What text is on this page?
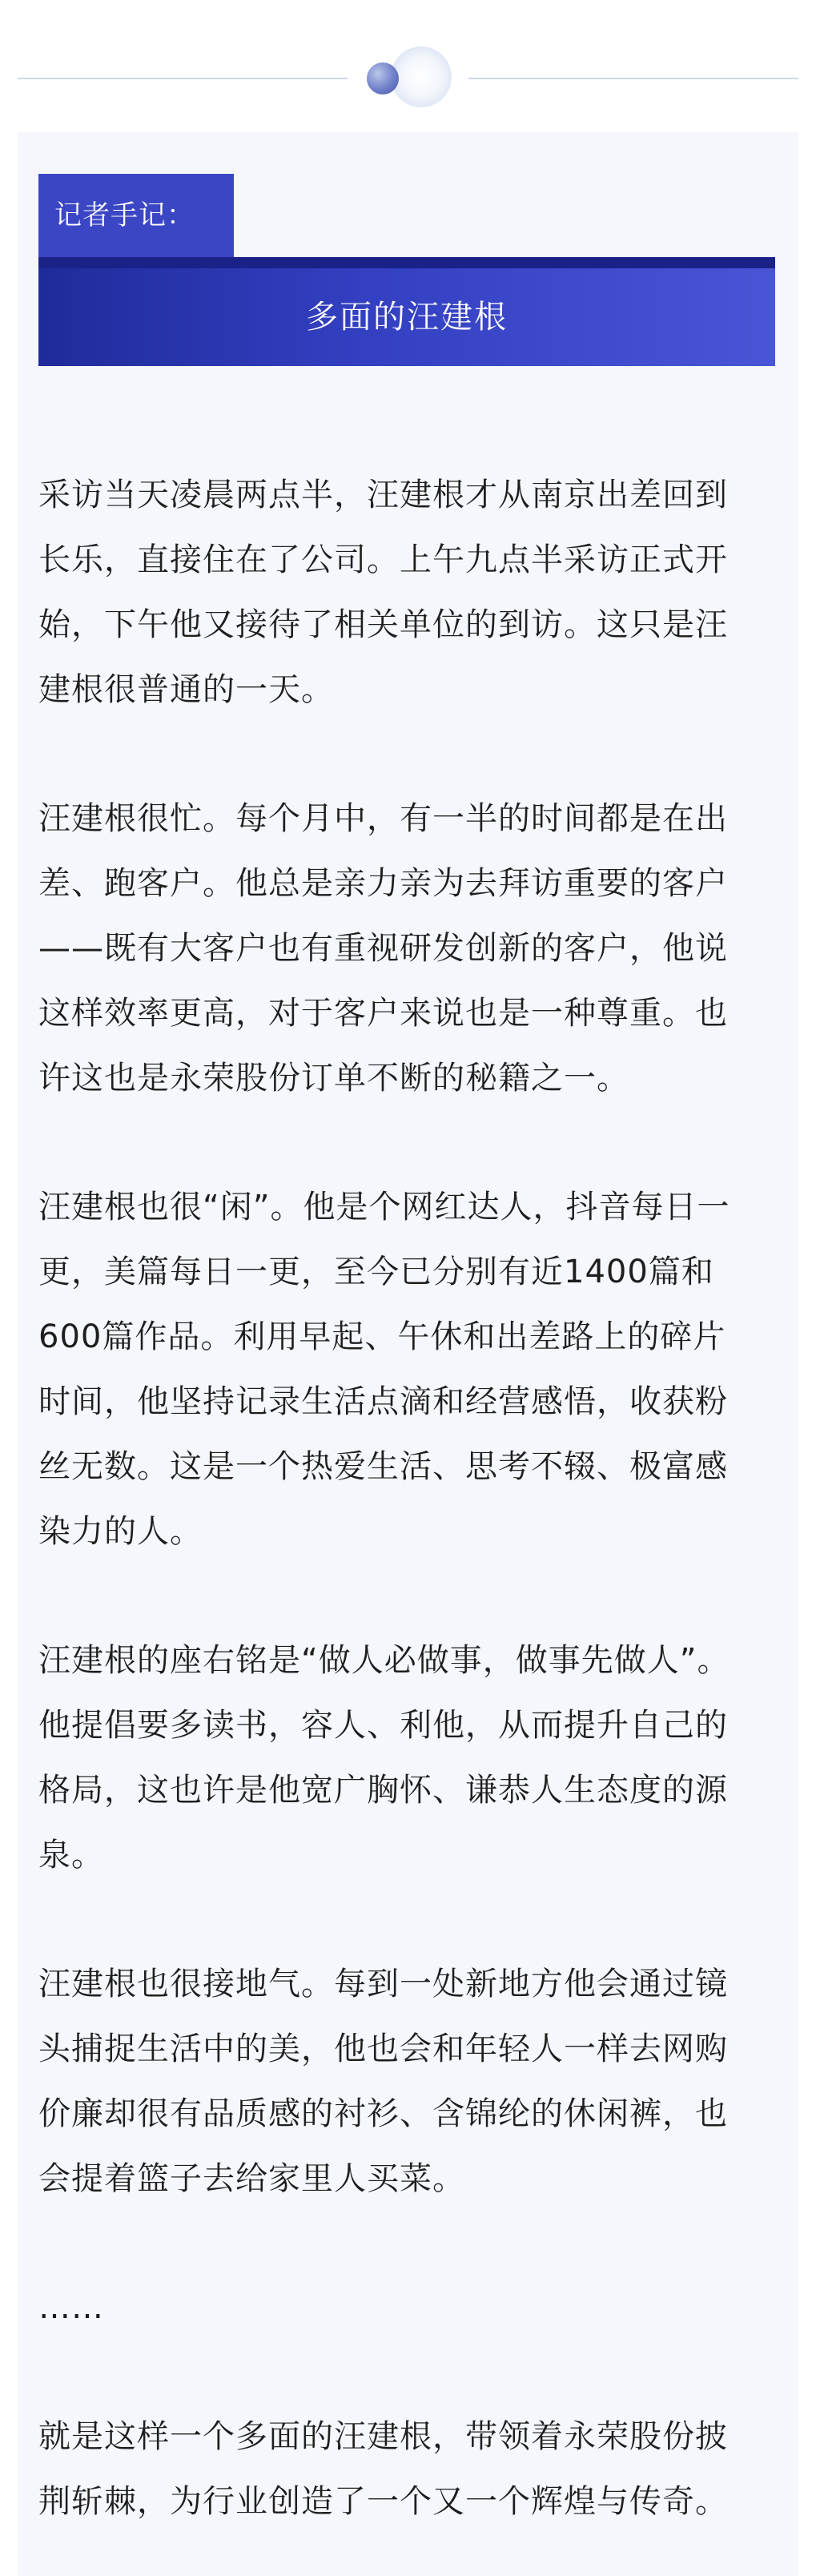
记者手记：
多面的汪建根

采访当天凌晨两点半，汪建根才从南京出差回到
长乐，直接住在了公司。上午九点半采访正式开
始，下午他又接待了相关单位的到访。这只是汪
建根很普通的一天。

汪建根很忙。每个月中，有一半的时间都是在出
差、跑客户。他总是亲力亲为去拜访重要的客户
——既有大客户也有重视研发创新的客户，他说
这样效率更高，对于客户来说也是一种尊重。也
许这也是永荣股份订单不断的秘籍之一。

汪建根也很“闲”。他是个网红达人，抖音每日一
更，美篇每日一更，至今已分别有近1400篇和
600篇作品。利用早起、午休和出差路上的碎片
时间，他坚持记录生活点滴和经营感悟，收获粉
丝无数。这是一个热爱生活、思考不辍、极富感
染力的人。

汪建根的座右铭是“做人必做事，做事先做人”。
他提倡要多读书，容人、利他，从而提升自己的
格局，这也许是他宽广胸怀、谦恭人生态度的源
泉。

汪建根也很接地气。每到一处新地方他会通过镜
头捕捉生活中的美，他也会和年轻人一样去网购
价廉却很有品质感的衬衫、含锦纶的休闲裤，也
会提着篮子去给家里人买菜。

……

就是这样一个多面的汪建根，带领着永荣股份披
荆斩棘，为行业创造了一个又一个辉煌与传奇。
